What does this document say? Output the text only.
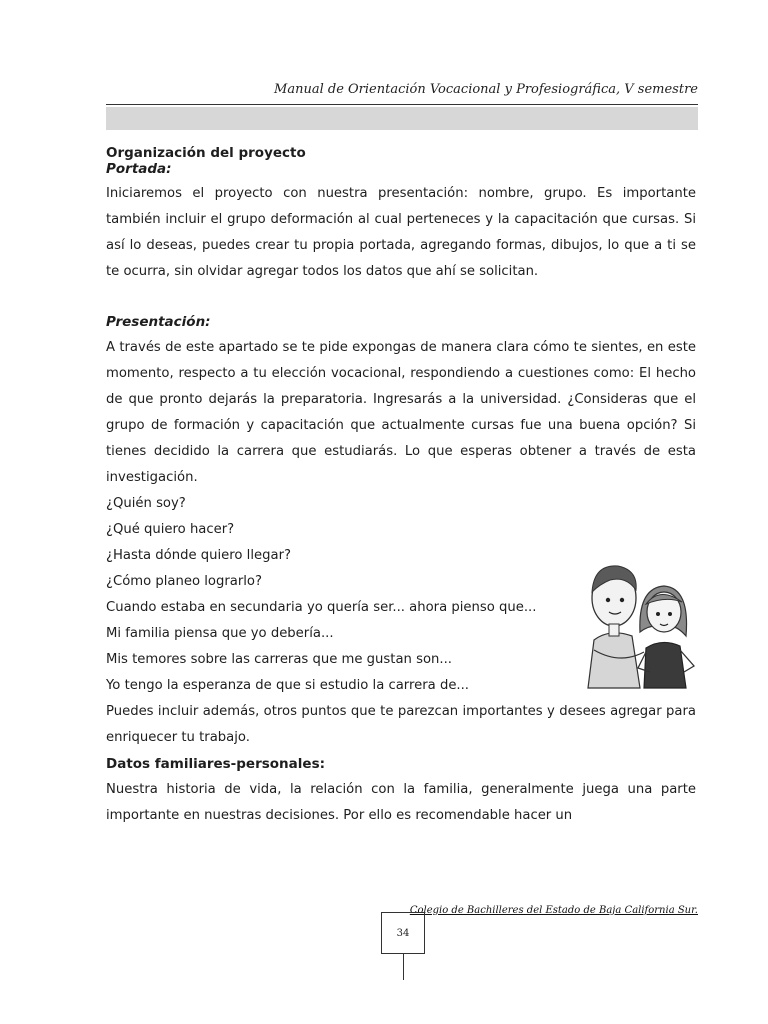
Manual de Orientación Vocacional y Profesiográfica, V semestre

Organización del proyecto

Portada:

Iniciaremos el proyecto con nuestra presentación: nombre, grupo. Es importante también incluir el grupo deformación al cual perteneces y la capacitación que cursas. Si así lo deseas, puedes crear tu propia portada, agregando formas, dibujos, lo que a ti se te ocurra, sin olvidar agregar todos los datos que ahí se solicitan.

Presentación:

A través de este apartado se te pide expongas de manera clara cómo te sientes, en este momento, respecto a tu elección vocacional, respondiendo a cuestiones como: El hecho de que pronto dejarás la preparatoria. Ingresarás a la universidad. ¿Consideras que el grupo de formación y capacitación que actualmente cursas fue una buena opción? Si tienes decidido la carrera que estudiarás. Lo que esperas obtener a través de esta investigación.

¿Quién soy?

¿Qué quiero hacer?

¿Hasta dónde quiero llegar?

¿Cómo planeo lograrlo?

Cuando estaba en secundaria yo quería ser... ahora pienso que...

Mi familia piensa que yo debería...

Mis temores sobre las carreras que me gustan son...

Yo tengo la esperanza de que si estudio la carrera de...

Puedes incluir además, otros puntos que te parezcan importantes y desees agregar para enriquecer tu trabajo.

Datos familiares-personales:

Nuestra historia de vida, la relación con la familia, generalmente juega una parte importante en nuestras decisiones. Por ello es recomendable hacer un

Colegio de Bachilleres del Estado de Baja California Sur.
34
